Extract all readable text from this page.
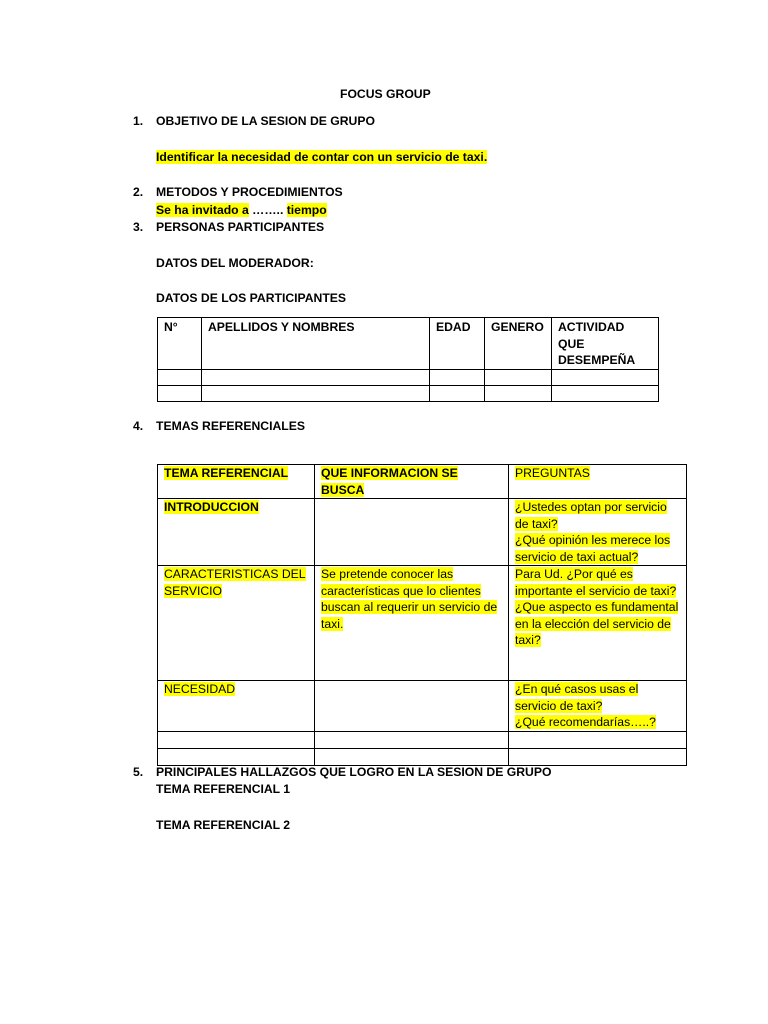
FOCUS GROUP
1.	OBJETIVO DE LA SESION DE GRUPO
Identificar la necesidad de contar con un servicio de taxi.
2.	METODOS Y PROCEDIMIENTOS
Se ha invitado a …….. tiempo
3.	PERSONAS PARTICIPANTES
DATOS DEL MODERADOR:
DATOS DE LOS PARTICIPANTES
N°	APELLIDOS Y NOMBRES	EDAD	GENERO	ACTIVIDAD QUE DESEMPEÑA

4.	TEMAS REFERENCIALES
TEMA REFERENCIAL	QUE INFORMACION SE BUSCA	PREGUNTAS
INTRODUCCION		¿Ustedes optan por servicio de taxi?
¿Qué opinión les merece los servicio de taxi actual?
CARACTERISTICAS DEL SERVICIO	Se pretende conocer las características que lo clientes buscan al requerir un servicio de taxi.	Para Ud. ¿Por qué es importante el servicio de taxi?
¿Que aspecto es fundamental en la elección del servicio de taxi?
NECESIDAD		¿En qué casos usas el servicio de taxi?
¿Qué recomendarías…..?

5.	PRINCIPALES HALLAZGOS QUE LOGRO EN LA SESION DE GRUPO
TEMA REFERENCIAL 1
TEMA REFERENCIAL 2
